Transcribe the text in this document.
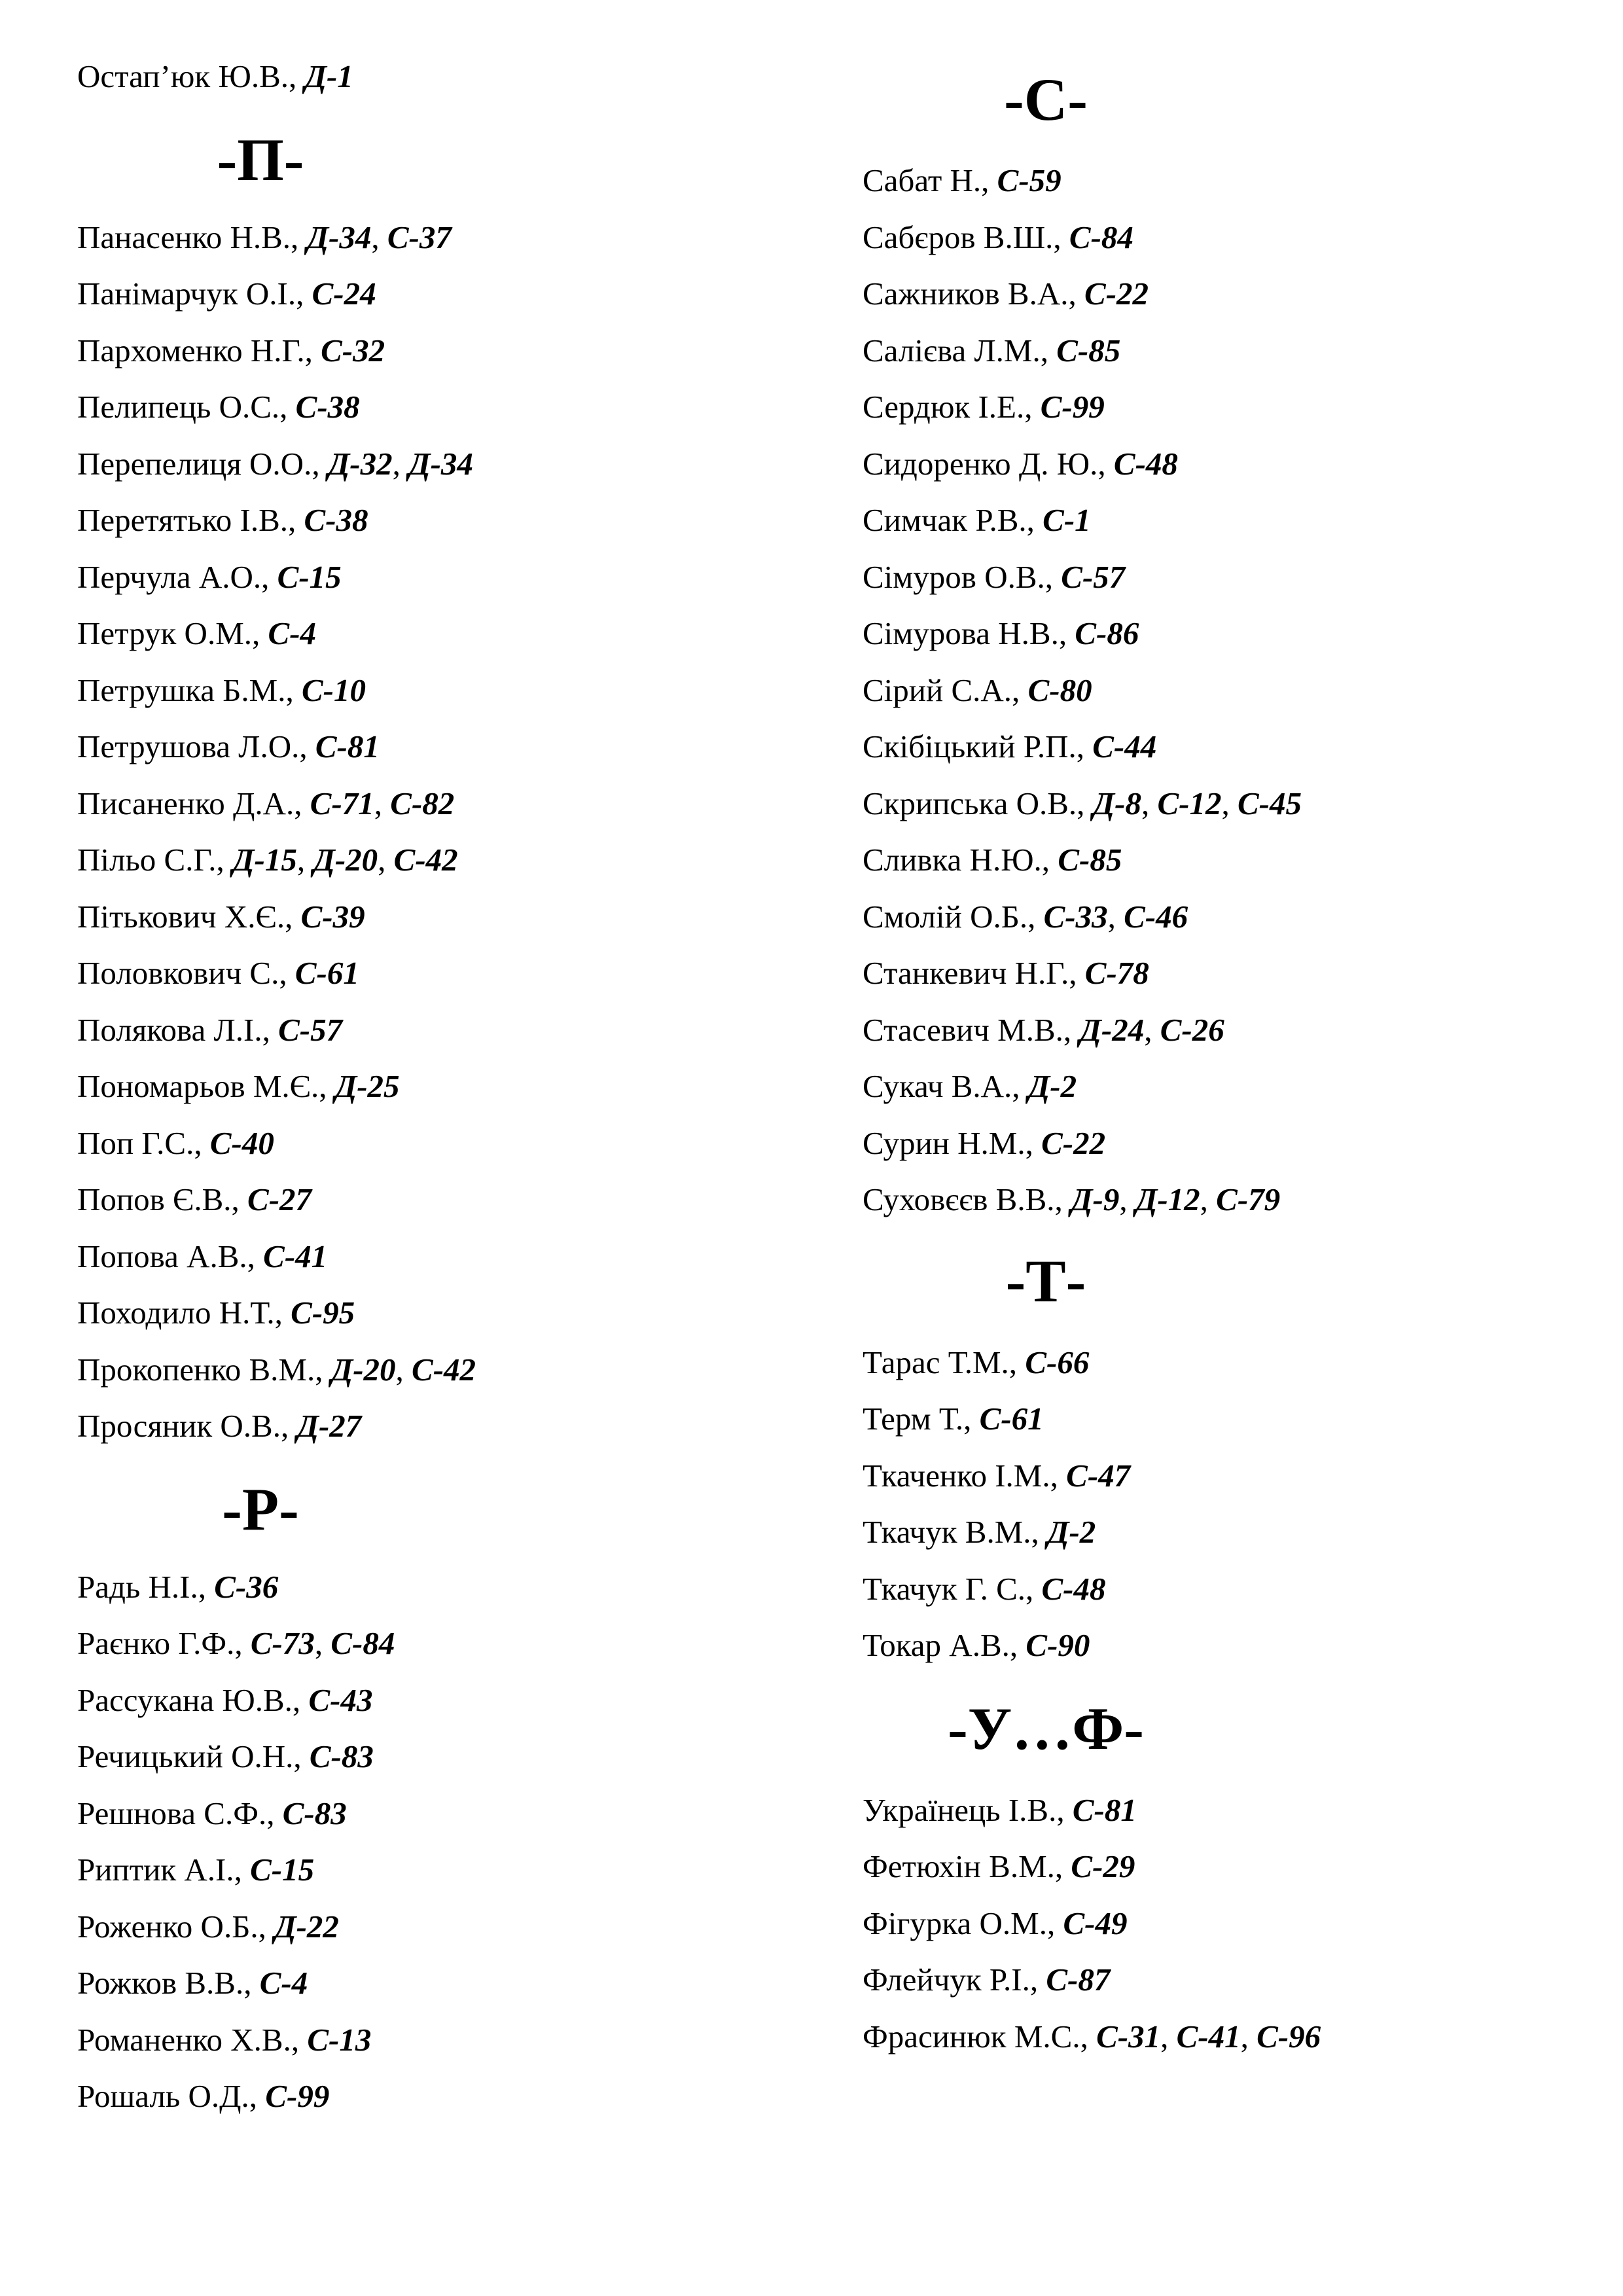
Остап’юк Ю.В., Д-1
-П-
Панасенко Н.В., Д-34, С-37
Панімарчук О.І., С-24
Пархоменко Н.Г., С-32
Пелипець О.С., С-38
Перепелиця О.О., Д-32, Д-34
Перетятько І.В., С-38
Перчула А.О., С-15
Петрук О.М., С-4
Петрушка Б.М., С-10
Петрушова Л.О., С-81
Писаненко Д.А., С-71, С-82
Пільо С.Г., Д-15, Д-20, С-42
Пітькович Х.Є., С-39
Половкович С., С-61
Полякова Л.І., С-57
Пономарьов М.Є., Д-25
Поп Г.С., С-40
Попов Є.В., С-27
Попова А.В., С-41
Походило Н.Т., С-95
Прокопенко В.М., Д-20, С-42
Просяник О.В., Д-27
-Р-
Радь Н.І., С-36
Раєнко Г.Ф., С-73, С-84
Рассукана Ю.В., С-43
Речицький О.Н., С-83
Решнова С.Ф., С-83
Риптик А.І., С-15
Роженко О.Б., Д-22
Рожков В.В., С-4
Романенко Х.В., С-13
Рошаль О.Д., С-99
-С-
Сабат Н., С-59
Сабєров В.Ш., С-84
Сажников В.А., С-22
Салієва Л.М., С-85
Сердюк І.Е., С-99
Сидоренко Д. Ю., С-48
Симчак Р.В., С-1
Сімуров О.В., С-57
Сімурова Н.В., С-86
Сірий С.А., С-80
Скібіцький Р.П., С-44
Скрипська О.В., Д-8, С-12, С-45
Сливка Н.Ю., С-85
Смолій О.Б., С-33, С-46
Станкевич Н.Г., С-78
Стасевич М.В., Д-24, С-26
Сукач В.А., Д-2
Сурин Н.М., С-22
Суховєєв В.В., Д-9, Д-12, С-79
-Т-
Тарас Т.М., С-66
Терм Т., С-61
Ткаченко І.М., С-47
Ткачук В.М., Д-2
Ткачук Г. С., С-48
Токар А.В., С-90
-У…Ф-
Українець І.В., С-81
Фетюхін В.М., С-29
Фігурка О.М., С-49
Флейчук Р.І., С-87
Фрасинюк М.С., С-31, С-41, С-96
